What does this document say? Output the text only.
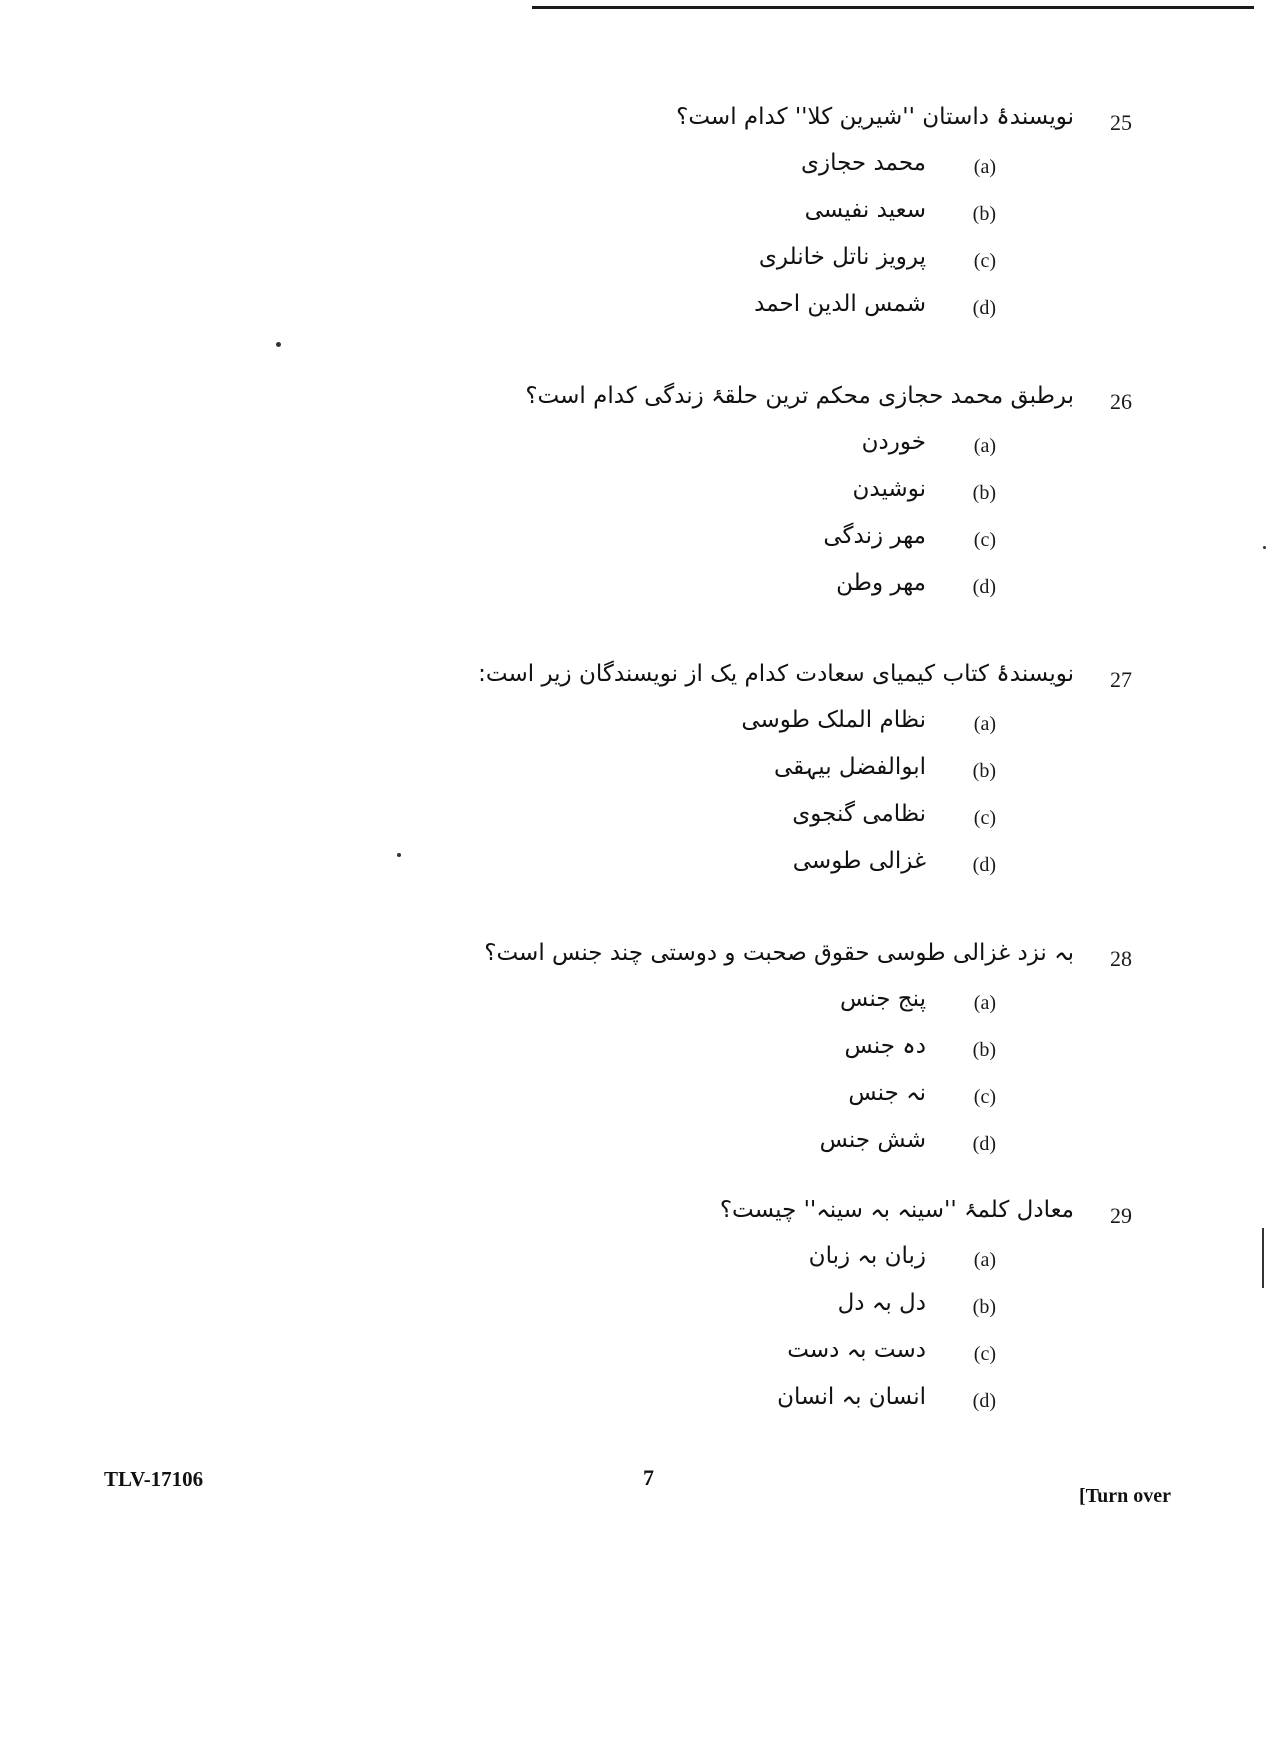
25
نویسندۂ داستان ''شیرین کلا'' کدام است؟
(a)
محمد حجازی
(b)
سعید نفیسی
(c)
پرویز ناتل خانلری
(d)
شمس الدین احمد
26
برطبق محمد حجازی محکم ترین حلقۂ زندگی کدام است؟
(a)
خوردن
(b)
نوشیدن
(c)
مهر زندگی
(d)
مهر وطن
27
نویسندۂ کتاب کیمیای سعادت کدام یک از نویسندگان زیر است:
(a)
نظام الملک طوسی
(b)
ابوالفضل بیہقی
(c)
نظامی گنجوی
(d)
غزالی طوسی
28
بہ نزد غزالی طوسی حقوق صحبت و دوستی چند جنس است؟
(a)
پنج جنس
(b)
دہ جنس
(c)
نہ جنس
(d)
شش جنس
29
معادل کلمۂ ''سینہ بہ سینہ'' چیست؟
(a)
زبان بہ زبان
(b)
دل بہ دل
(c)
دست بہ دست
(d)
انسان بہ انسان
TLV-17106	7
[Turn over
